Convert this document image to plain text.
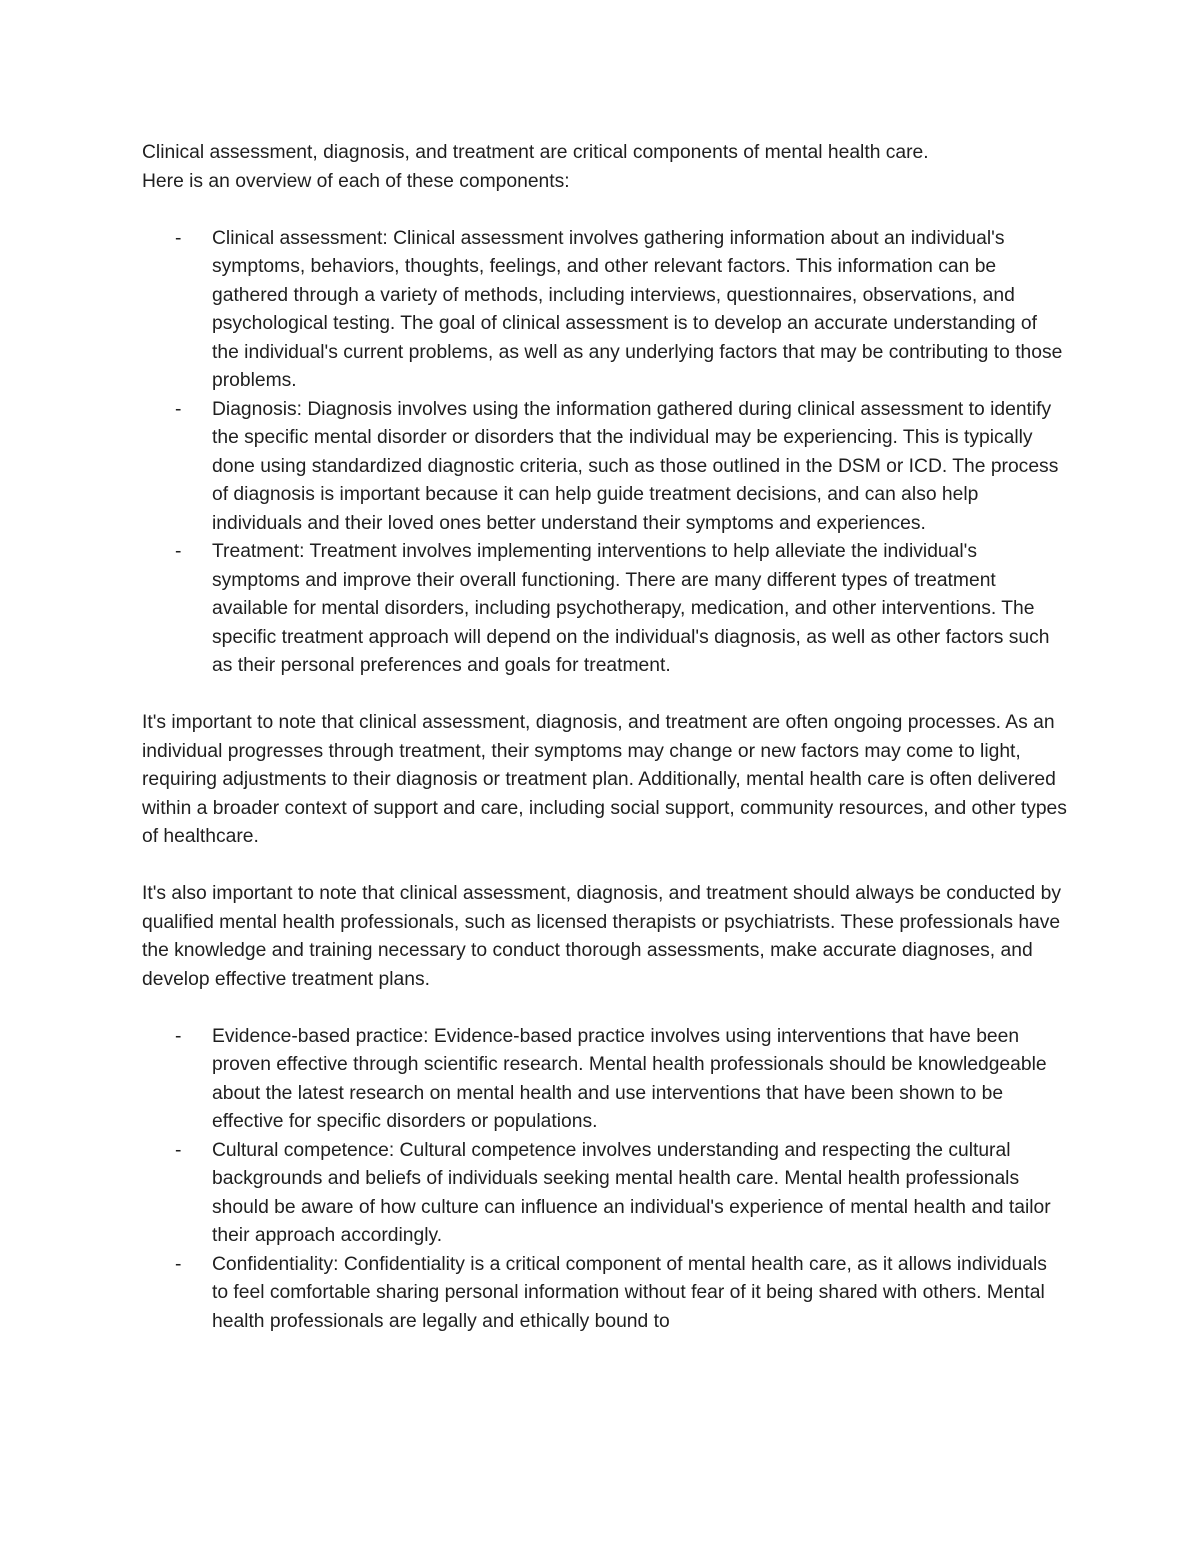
Clinical assessment, diagnosis, and treatment are critical components of mental health care.
Here is an overview of each of these components:

- Clinical assessment: Clinical assessment involves gathering information about an individual's symptoms, behaviors, thoughts, feelings, and other relevant factors. This information can be gathered through a variety of methods, including interviews, questionnaires, observations, and psychological testing. The goal of clinical assessment is to develop an accurate understanding of the individual's current problems, as well as any underlying factors that may be contributing to those problems.
- Diagnosis: Diagnosis involves using the information gathered during clinical assessment to identify the specific mental disorder or disorders that the individual may be experiencing. This is typically done using standardized diagnostic criteria, such as those outlined in the DSM or ICD. The process of diagnosis is important because it can help guide treatment decisions, and can also help individuals and their loved ones better understand their symptoms and experiences.
- Treatment: Treatment involves implementing interventions to help alleviate the individual's symptoms and improve their overall functioning. There are many different types of treatment available for mental disorders, including psychotherapy, medication, and other interventions. The specific treatment approach will depend on the individual's diagnosis, as well as other factors such as their personal preferences and goals for treatment.

It's important to note that clinical assessment, diagnosis, and treatment are often ongoing processes. As an individual progresses through treatment, their symptoms may change or new factors may come to light, requiring adjustments to their diagnosis or treatment plan. Additionally, mental health care is often delivered within a broader context of support and care, including social support, community resources, and other types of healthcare.

It's also important to note that clinical assessment, diagnosis, and treatment should always be conducted by qualified mental health professionals, such as licensed therapists or psychiatrists. These professionals have the knowledge and training necessary to conduct thorough assessments, make accurate diagnoses, and develop effective treatment plans.

- Evidence-based practice: Evidence-based practice involves using interventions that have been proven effective through scientific research. Mental health professionals should be knowledgeable about the latest research on mental health and use interventions that have been shown to be effective for specific disorders or populations.
- Cultural competence: Cultural competence involves understanding and respecting the cultural backgrounds and beliefs of individuals seeking mental health care. Mental health professionals should be aware of how culture can influence an individual's experience of mental health and tailor their approach accordingly.
- Confidentiality: Confidentiality is a critical component of mental health care, as it allows individuals to feel comfortable sharing personal information without fear of it being shared with others. Mental health professionals are legally and ethically bound to
